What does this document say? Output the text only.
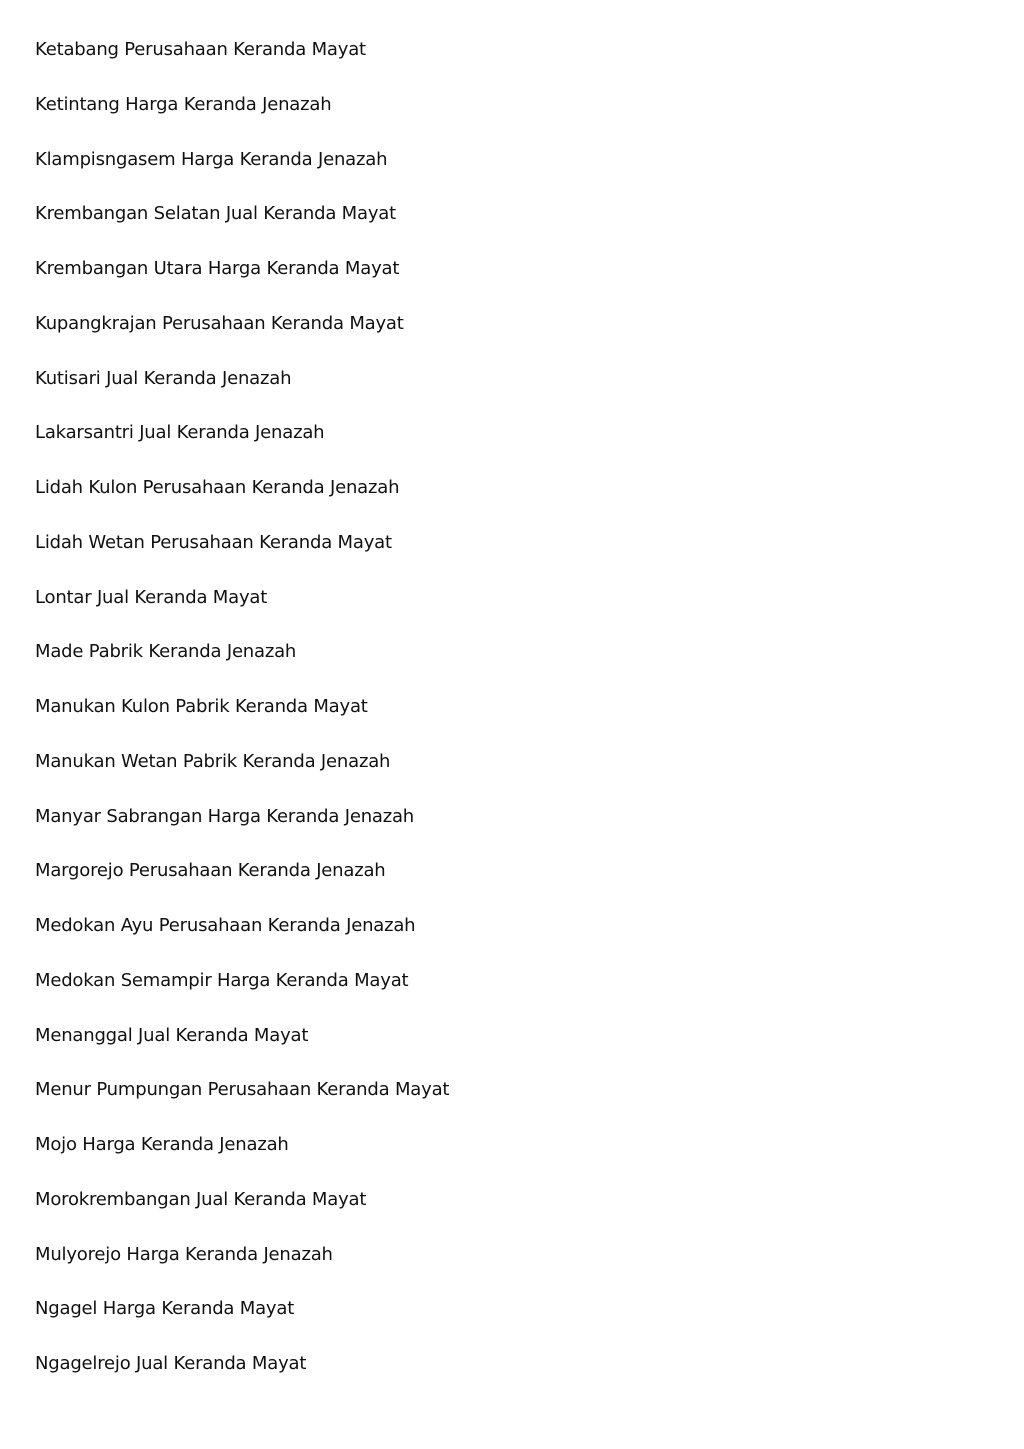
Ketabang Perusahaan Keranda Mayat
Ketintang Harga Keranda Jenazah
Klampisngasem Harga Keranda Jenazah
Krembangan Selatan Jual Keranda Mayat
Krembangan Utara Harga Keranda Mayat
Kupangkrajan Perusahaan Keranda Mayat
Kutisari Jual Keranda Jenazah
Lakarsantri Jual Keranda Jenazah
Lidah Kulon Perusahaan Keranda Jenazah
Lidah Wetan Perusahaan Keranda Mayat
Lontar Jual Keranda Mayat
Made Pabrik Keranda Jenazah
Manukan Kulon Pabrik Keranda Mayat
Manukan Wetan Pabrik Keranda Jenazah
Manyar Sabrangan Harga Keranda Jenazah
Margorejo Perusahaan Keranda Jenazah
Medokan Ayu Perusahaan Keranda Jenazah
Medokan Semampir Harga Keranda Mayat
Menanggal Jual Keranda Mayat
Menur Pumpungan Perusahaan Keranda Mayat
Mojo Harga Keranda Jenazah
Morokrembangan Jual Keranda Mayat
Mulyorejo Harga Keranda Jenazah
Ngagel Harga Keranda Mayat
Ngagelrejo Jual Keranda Mayat
